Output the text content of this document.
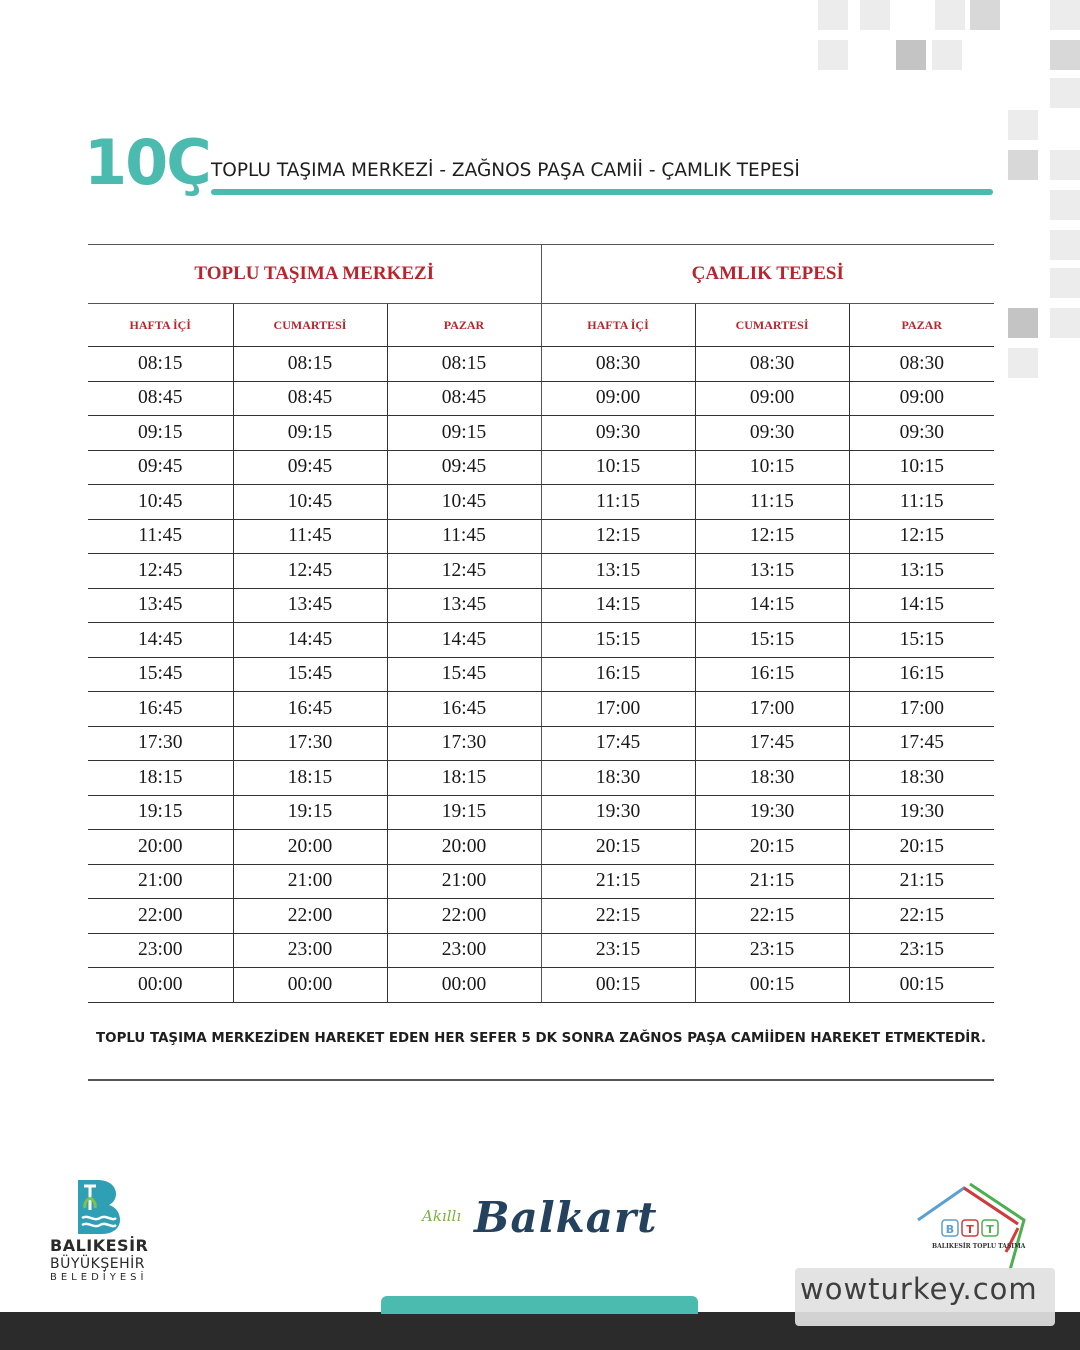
10Ç TOPLU TAŞIMA MERKEZİ - ZAĞNOS PAŞA CAMİİ - ÇAMLIK TEPESİ
TOPLU TAŞIMA MERKEZİ			ÇAMLIK TEPESİ		
HAFTA İÇİ	CUMARTESİ	PAZAR	HAFTA İÇİ	CUMARTESİ	PAZAR
08:15	08:15	08:15	08:30	08:30	08:30
08:45	08:45	08:45	09:00	09:00	09:00
09:15	09:15	09:15	09:30	09:30	09:30
09:45	09:45	09:45	10:15	10:15	10:15
10:45	10:45	10:45	11:15	11:15	11:15
11:45	11:45	11:45	12:15	12:15	12:15
12:45	12:45	12:45	13:15	13:15	13:15
13:45	13:45	13:45	14:15	14:15	14:15
14:45	14:45	14:45	15:15	15:15	15:15
15:45	15:45	15:45	16:15	16:15	16:15
16:45	16:45	16:45	17:00	17:00	17:00
17:30	17:30	17:30	17:45	17:45	17:45
18:15	18:15	18:15	18:30	18:30	18:30
19:15	19:15	19:15	19:30	19:30	19:30
20:00	20:00	20:00	20:15	20:15	20:15
21:00	21:00	21:00	21:15	21:15	21:15
22:00	22:00	22:00	22:15	22:15	22:15
23:00	23:00	23:00	23:15	23:15	23:15
00:00	00:00	00:00	00:15	00:15	00:15
TOPLU TAŞIMA MERKEZİDEN HAREKET EDEN HER SEFER 5 DK SONRA ZAĞNOS PAŞA CAMİİDEN HAREKET ETMEKTEDİR.
BALIKESİR
BÜYÜKŞEHİR
BELEDİYESİ
Akıllı Balkart	B T T
BALIKESİR TOPLU TAŞIMA
wowturkey.com
